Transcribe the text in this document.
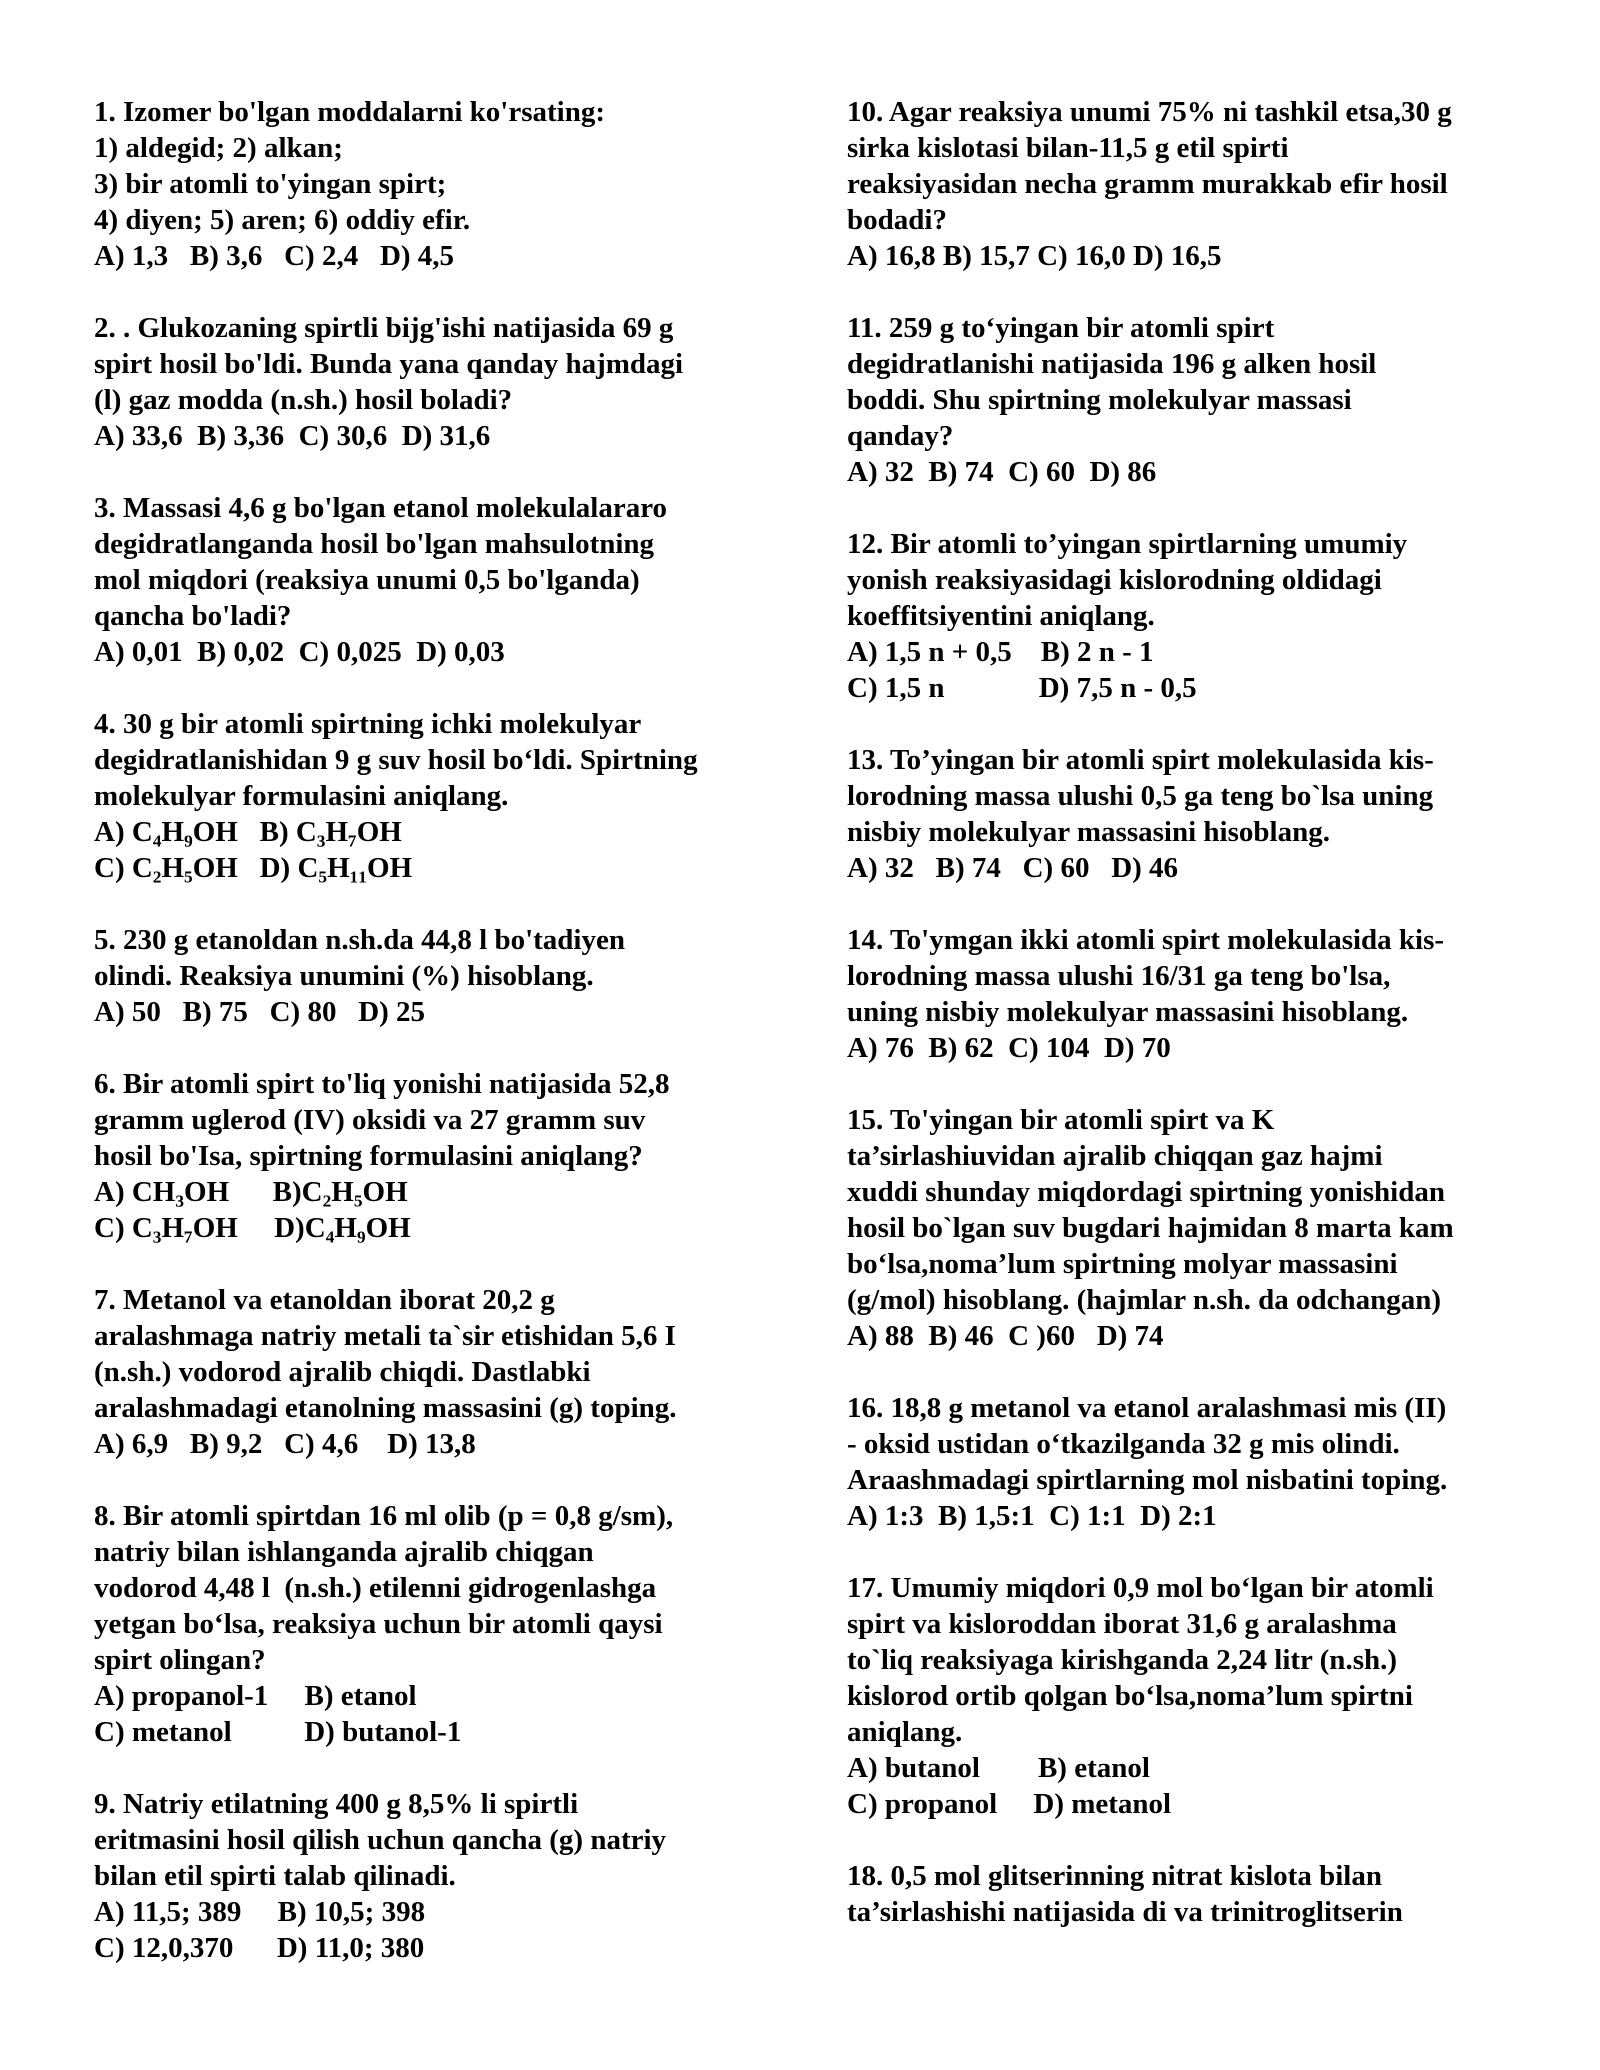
1. Izomer bo'lgan moddalarni ko'rsating:
1) aldegid; 2) alkan;
3) bir atomli to'yingan spirt;
4) diyen; 5) aren; 6) oddiy efir.
A) 1,3   B) 3,6   C) 2,4   D) 4,5
2. . Glukozaning spirtli bijg'ishi natijasida 69 g
spirt hosil bo'ldi. Bunda yana qanday hajmdagi
(l) gaz modda (n.sh.) hosil boladi?
A) 33,6  B) 3,36  C) 30,6  D) 31,6
3. Massasi 4,6 g bo'lgan etanol molekulalararo
degidratlanganda hosil bo'lgan mahsulotning
mol miqdori (reaksiya unumi 0,5 bo'lganda)
qancha bo'ladi?
A) 0,01  B) 0,02  C) 0,025  D) 0,03
4. 30 g bir atomli spirtning ichki molekulyar
degidratlanishidan 9 g suv hosil bo‘ldi. Spirtning
molekulyar formulasini aniqlang.
A) C₄H₉OH   B) C₃H₇OH
C) C₂H₅OH   D) C₅H₁₁OH
5. 230 g etanoldan n.sh.da 44,8 l bo'tadiyen
olindi. Reaksiya unumini (%) hisoblang.
A) 50   B) 75   C) 80   D) 25
6. Bir atomli spirt to'liq yonishi natijasida 52,8
gramm uglerod (IV) oksidi va 27 gramm suv
hosil bo'Isa, spirtning formulasini aniqlang?
A) CH₃OH      B)C₂H₅OH
C) C₃H₇OH     D)C₄H₉OH
7. Metanol va etanoldan iborat 20,2 g
aralashmaga natriy metali ta`sir etishidan 5,6 I
(n.sh.) vodorod ajralib chiqdi. Dastlabki
aralashmadagi etanolning massasini (g) toping.
A) 6,9   B) 9,2   C) 4,6    D) 13,8
8. Bir atomli spirtdan 16 ml olib (p = 0,8 g/sm),
natriy bilan ishlanganda ajralib chiqgan
vodorod 4,48 l  (n.sh.) etilenni gidrogenlashga
yetgan bo‘lsa, reaksiya uchun bir atomli qaysi
spirt olingan?
A) propanol-1     B) etanol
C) metanol          D) butanol-1
9. Natriy etilatning 400 g 8,5% li spirtli
eritmasini hosil qilish uchun qancha (g) natriy
bilan etil spirti talab qilinadi.
A) 11,5; 389     B) 10,5; 398
C) 12,0,370      D) 11,0; 380
10. Agar reaksiya unumi 75% ni tashkil etsa,30 g
sirka kislotasi bilan-11,5 g etil spirti
reaksiyasidan necha gramm murakkab efir hosil
bodadi?
A) 16,8 B) 15,7 C) 16,0 D) 16,5
11. 259 g to‘yingan bir atomli spirt
degidratlanishi natijasida 196 g alken hosil
boddi. Shu spirtning molekulyar massasi
qanday?
A) 32  B) 74  C) 60  D) 86
12. Bir atomli to’yingan spirtlarning umumiy
yonish reaksiyasidagi kislorodning oldidagi
koeffitsiyentini aniqlang.
A) 1,5 n + 0,5    B) 2 n - 1
C) 1,5 n             D) 7,5 n - 0,5
13. To’yingan bir atomli spirt molekulasida kis-
lorodning massa ulushi 0,5 ga teng bo`lsa uning
nisbiy molekulyar massasini hisoblang.
A) 32   B) 74   C) 60   D) 46
14. To'ymgan ikki atomli spirt molekulasida kis-
lorodning massa ulushi 16/31 ga teng bo'lsa,
uning nisbiy molekulyar massasini hisoblang.
A) 76  B) 62  C) 104  D) 70
15. To'yingan bir atomli spirt va K
ta’sirlashiuvidan ajralib chiqqan gaz hajmi
xuddi shunday miqdordagi spirtning yonishidan
hosil bo`lgan suv bugdari hajmidan 8 marta kam
bo‘lsa,noma’lum spirtning molyar massasini
(g/mol) hisoblang. (hajmlar n.sh. da odchangan)
A) 88  B) 46  C )60   D) 74
16. 18,8 g metanol va etanol aralashmasi mis (II)
- oksid ustidan o‘tkazilganda 32 g mis olindi.
Araashmadagi spirtlarning mol nisbatini toping.
A) 1:3  B) 1,5:1  C) 1:1  D) 2:1
17. Umumiy miqdori 0,9 mol bo‘lgan bir atomli
spirt va kisloroddan iborat 31,6 g aralashma
to`liq reaksiyaga kirishganda 2,24 litr (n.sh.)
kislorod ortib qolgan bo‘lsa,noma’lum spirtni
aniqlang.
A) butanol        B) etanol
C) propanol     D) metanol
18. 0,5 mol glitserinning nitrat kislota bilan
ta’sirlashishi natijasida di va trinitroglitserin
